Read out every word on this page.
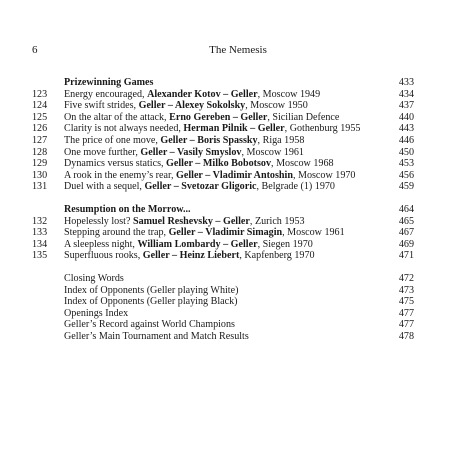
6	The Nemesis
Prizewinning Games	433
123	Energy encouraged, Alexander Kotov – Geller, Moscow 1949	434
124	Five swift strides, Geller – Alexey Sokolsky, Moscow 1950	437
125	On the altar of the attack, Erno Gereben – Geller, Sicilian Defence	440
126	Clarity is not always needed, Herman Pilnik – Geller, Gothenburg 1955	443
127	The price of one move, Geller – Boris Spassky, Riga 1958	446
128	One move further, Geller – Vasily Smyslov, Moscow 1961	450
129	Dynamics versus statics, Geller – Milko Bobotsov, Moscow 1968	453
130	A rook in the enemy’s rear, Geller – Vladimir Antoshin, Moscow 1970	456
131	Duel with a sequel, Geller – Svetozar Gligoric, Belgrade (1) 1970	459
Resumption on the Morrow...	464
132	Hopelessly lost? Samuel Reshevsky – Geller, Zurich 1953	465
133	Stepping around the trap, Geller – Vladimir Simagin, Moscow 1961	467
134	A sleepless night, William Lombardy – Geller, Siegen 1970	469
135	Superfluous rooks, Geller – Heinz Liebert, Kapfenberg 1970	471
Closing Words	472
Index of Opponents (Geller playing White)	473
Index of Opponents (Geller playing Black)	475
Openings Index	477
Geller’s Record against World Champions	477
Geller’s Main Tournament and Match Results	478
